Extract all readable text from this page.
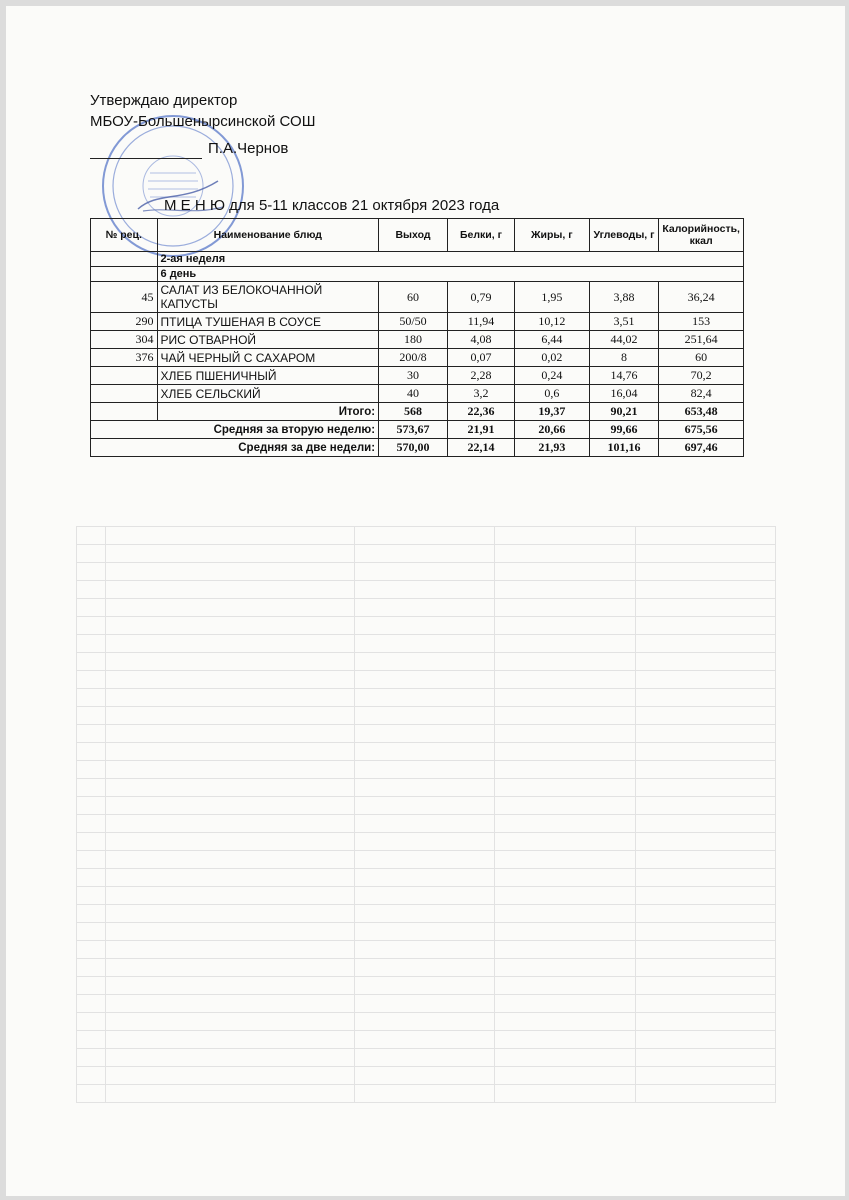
Утверждаю директор
МБОУ-Большенырсинской СОШ
П.А.Чернов
М Е Н Ю для 5-11 классов 21 октября 2023 года
№ рец.	Наименование блюд	Выход	Белки, г	Жиры, г	Углеводы, г	Калорийность, ккал
	2-ая неделя					
	6 день					
45	САЛАТ ИЗ БЕЛОКОЧАННОЙ КАПУСТЫ	60	0,79	1,95	3,88	36,24
290	ПТИЦА ТУШЕНАЯ В СОУСЕ	50/50	11,94	10,12	3,51	153
304	РИС ОТВАРНОЙ	180	4,08	6,44	44,02	251,64
376	ЧАЙ ЧЕРНЫЙ С САХАРОМ	200/8	0,07	0,02	8	60
	ХЛЕБ ПШЕНИЧНЫЙ	30	2,28	0,24	14,76	70,2
	ХЛЕБ СЕЛЬСКИЙ	40	3,2	0,6	16,04	82,4
	Итого:	568	22,36	19,37	90,21	653,48
Средняя за вторую неделю:		573,67	21,91	20,66	99,66	675,56
Средняя за две недели:		570,00	22,14	21,93	101,16	697,46
